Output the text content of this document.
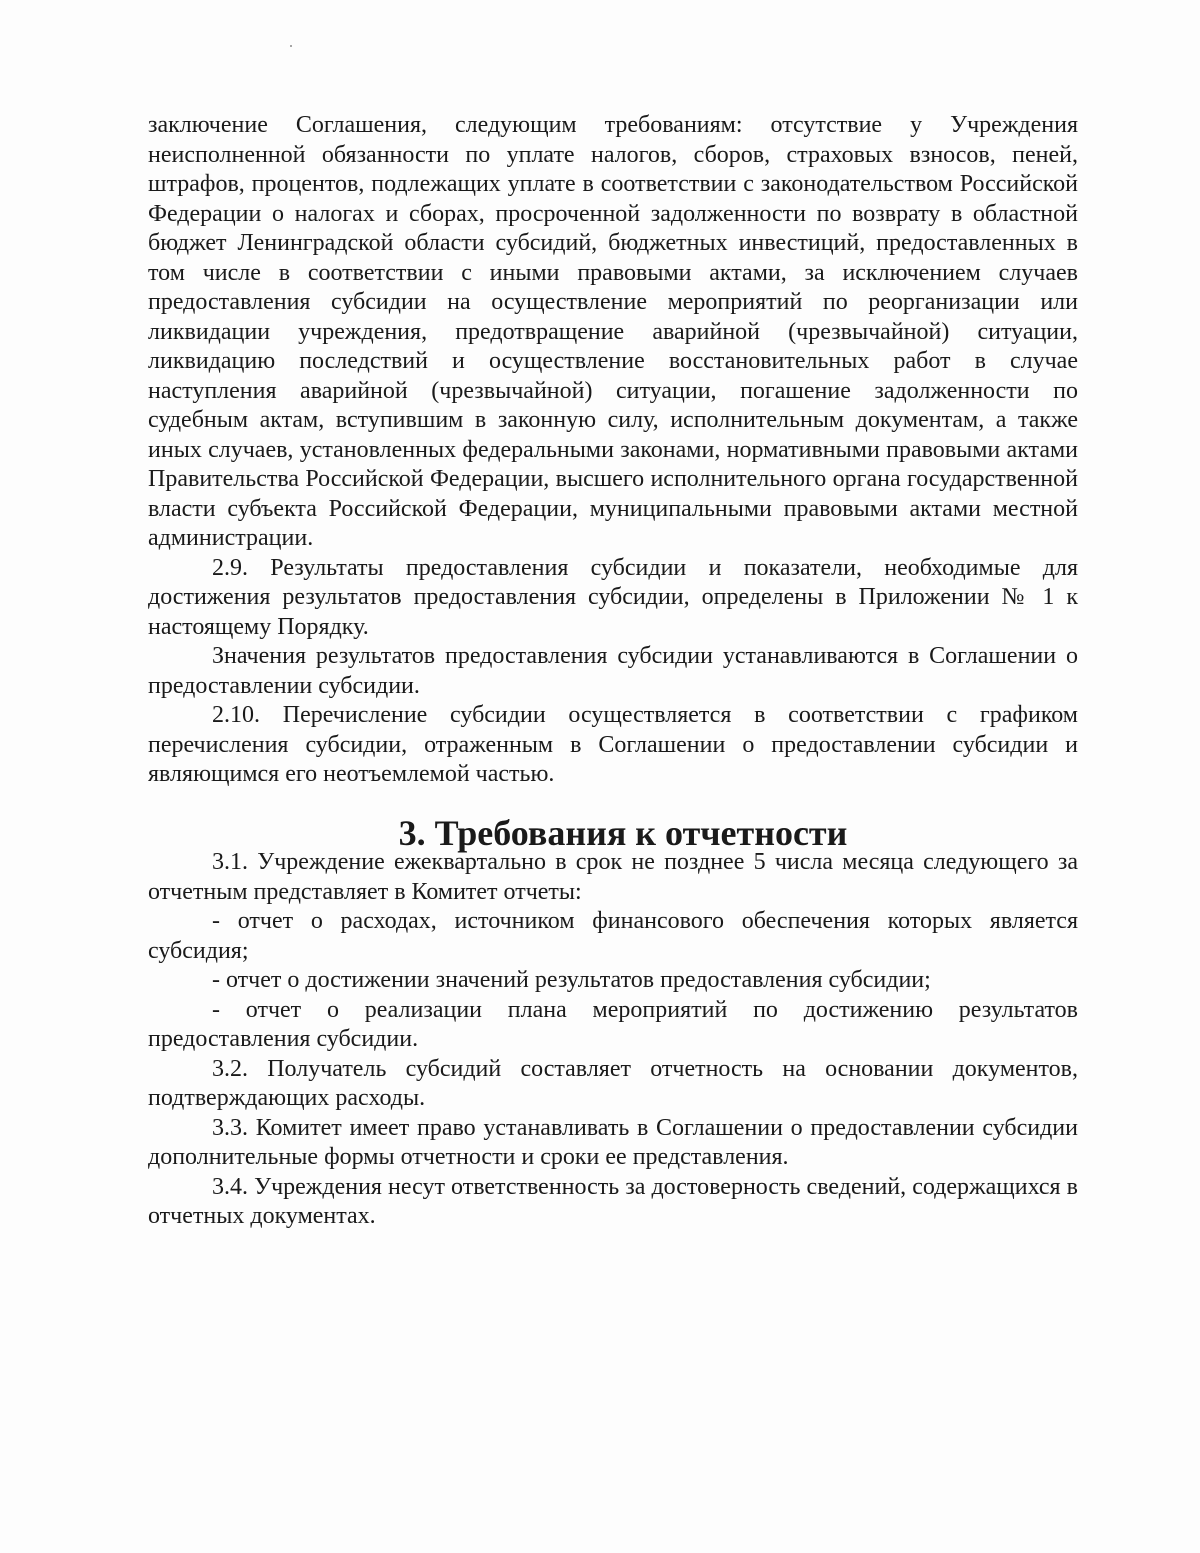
заключение Соглашения, следующим требованиям: отсутствие у Учреждения неисполненной обязанности по уплате налогов, сборов, страховых взносов, пеней, штрафов, процентов, подлежащих уплате в соответствии с законодательством Российской Федерации о налогах и сборах, просроченной задолженности по возврату в областной бюджет Ленинградской области субсидий, бюджетных инвестиций, предоставленных в том числе в соответствии с иными правовыми актами, за исключением случаев предоставления субсидии на осуществление мероприятий по реорганизации или ликвидации учреждения, предотвращение аварийной (чрезвычайной) ситуации, ликвидацию последствий и осуществление восстановительных работ в случае наступления аварийной (чрезвычайной) ситуации, погашение задолженности по судебным актам, вступившим в законную силу, исполнительным документам, а также иных случаев, установленных федеральными законами, нормативными правовыми актами Правительства Российской Федерации, высшего исполнительного органа государственной власти субъекта Российской Федерации, муниципальными правовыми актами местной администрации.

2.9. Результаты предоставления субсидии и показатели, необходимые для достижения результатов предоставления субсидии, определены в Приложении № 1 к настоящему Порядку.

Значения результатов предоставления субсидии устанавливаются в Соглашении о предоставлении субсидии.

2.10. Перечисление субсидии осуществляется в соответствии с графиком перечисления субсидии, отраженным в Соглашении о предоставлении субсидии и являющимся его неотъемлемой частью.

3. Требования к отчетности

3.1. Учреждение ежеквартально в срок не позднее 5 числа месяца следующего за отчетным представляет в Комитет отчеты:

- отчет о расходах, источником финансового обеспечения которых является субсидия;

- отчет о достижении значений результатов предоставления субсидии;

- отчет о реализации плана мероприятий по достижению результатов предоставления субсидии.

3.2. Получатель субсидий составляет отчетность на основании документов, подтверждающих расходы.

3.3. Комитет имеет право устанавливать в Соглашении о предоставлении субсидии дополнительные формы отчетности и сроки ее представления.

3.4. Учреждения несут ответственность за достоверность сведений, содержащихся в отчетных документах.
